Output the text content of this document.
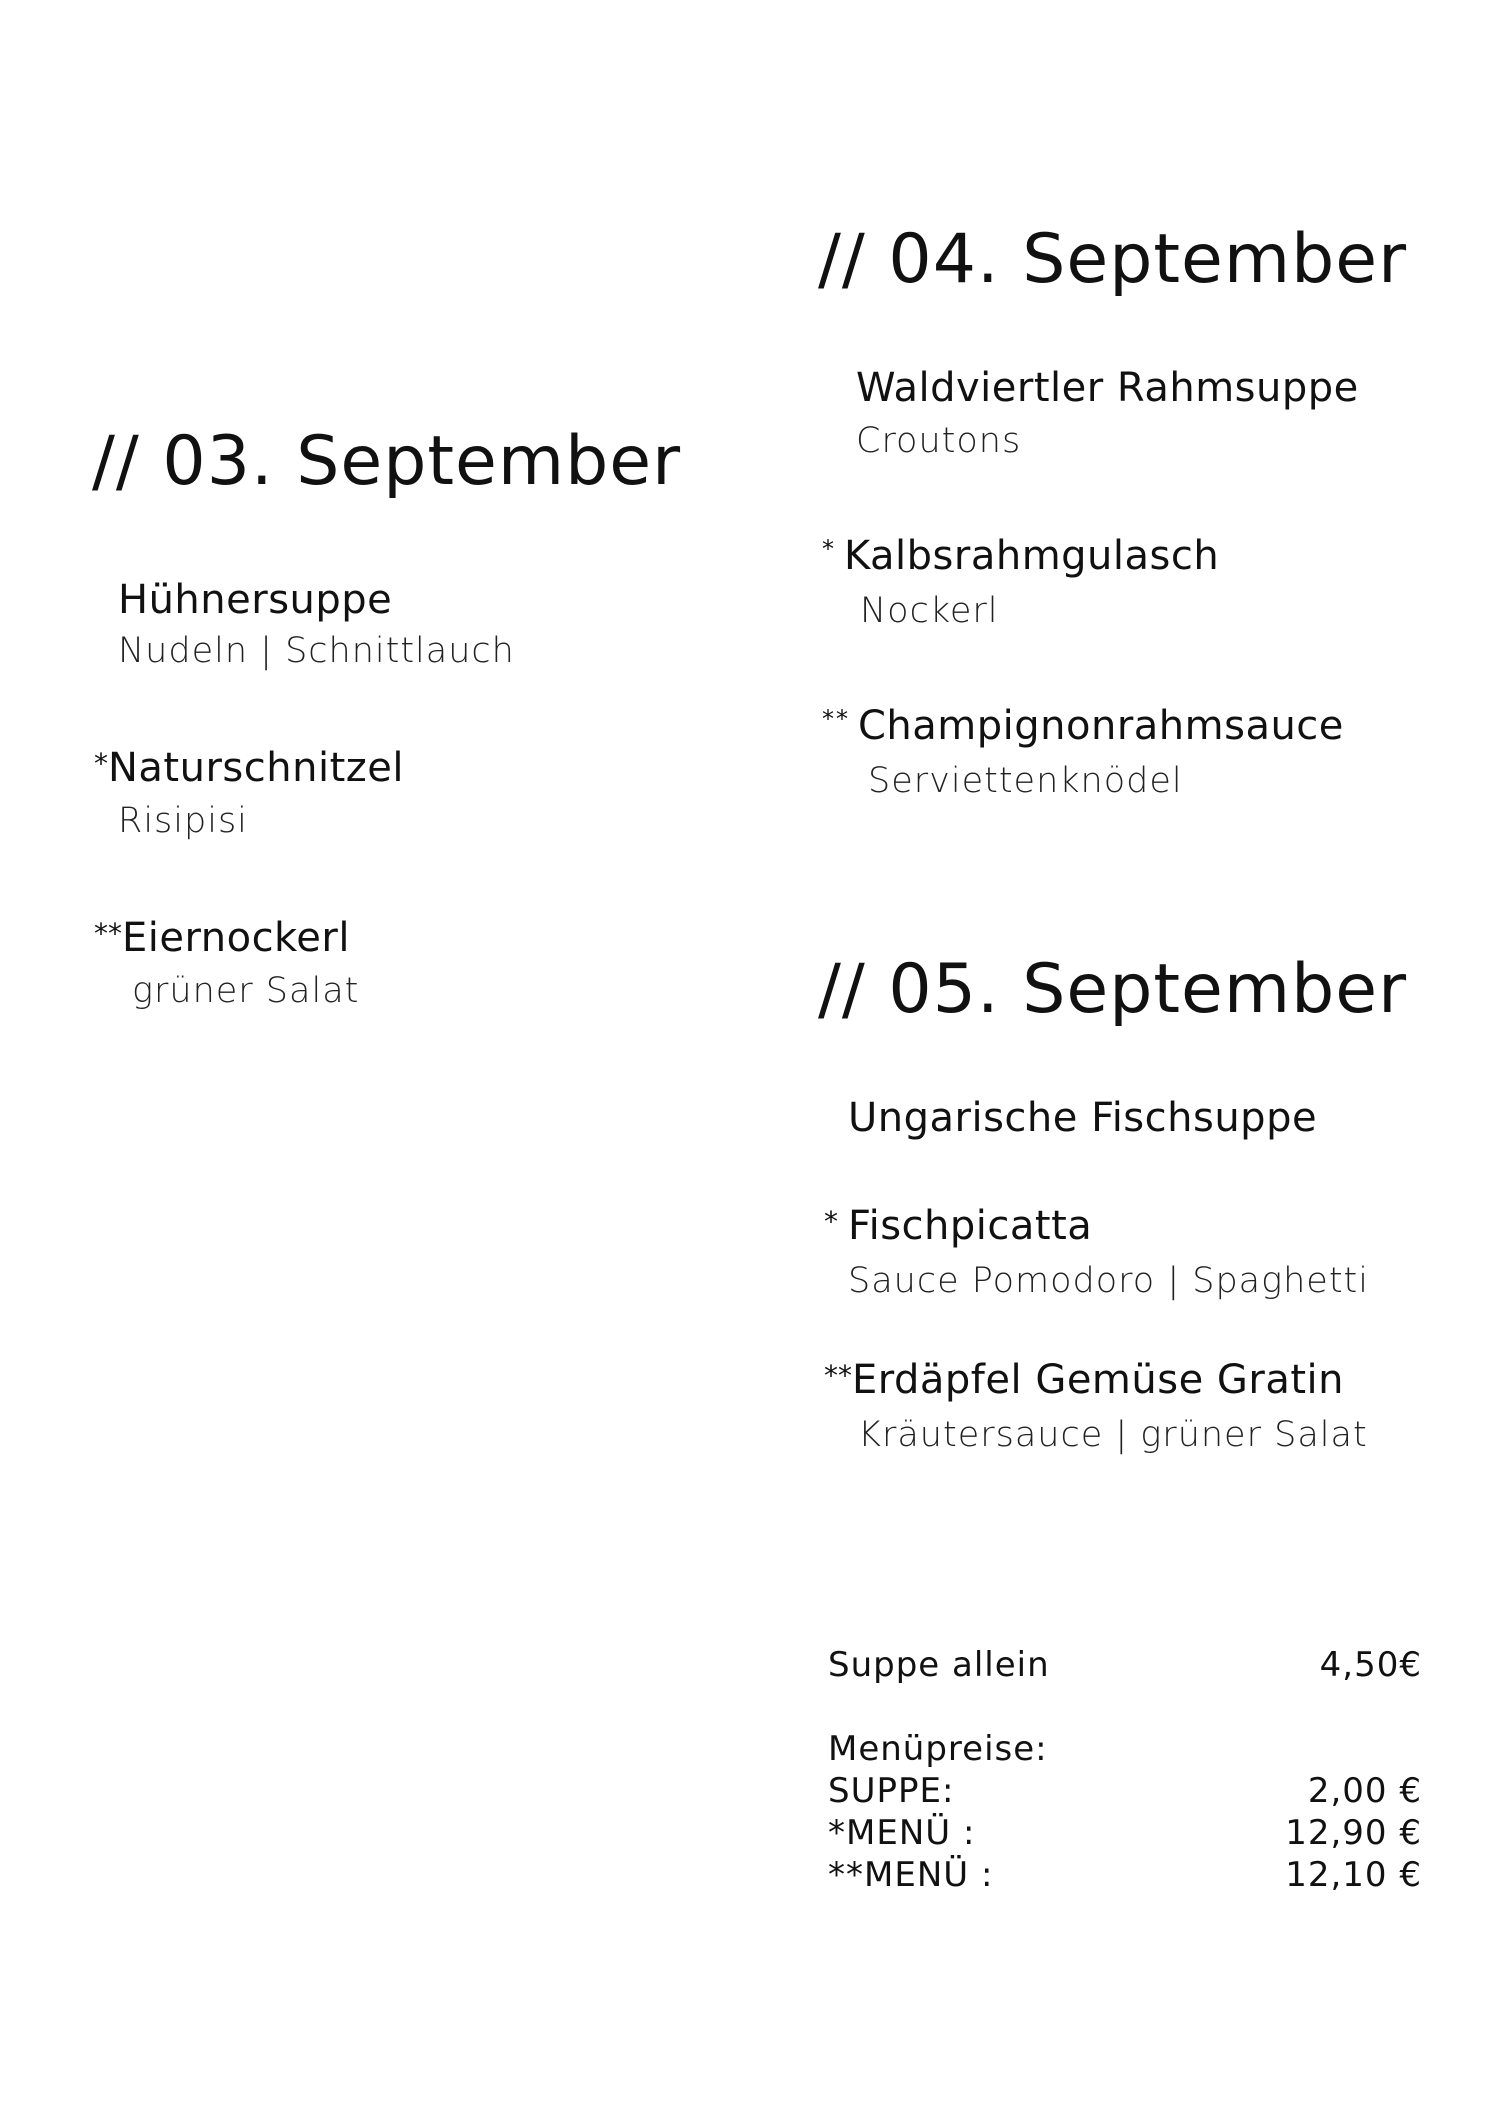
// 03. September
Hühnersuppe
Nudeln | Schnittlauch
*Naturschnitzel
Risipisi
**Eiernockerl
grüner Salat
// 04. September
Waldviertler Rahmsuppe
Croutons
* Kalbsrahmgulasch
Nockerl
** Champignonrahmsauce
Serviettenknödel
// 05. September
Ungarische Fischsuppe
* Fischpicatta
Sauce Pomodoro | Spaghetti
**Erdäpfel Gemüse Gratin
Kräutersauce | grüner Salat
Suppe allein	4,50€
Menüpreise:
SUPPE:	2,00 €
*MENÜ :	12,90 €
**MENÜ :	12,10 €
